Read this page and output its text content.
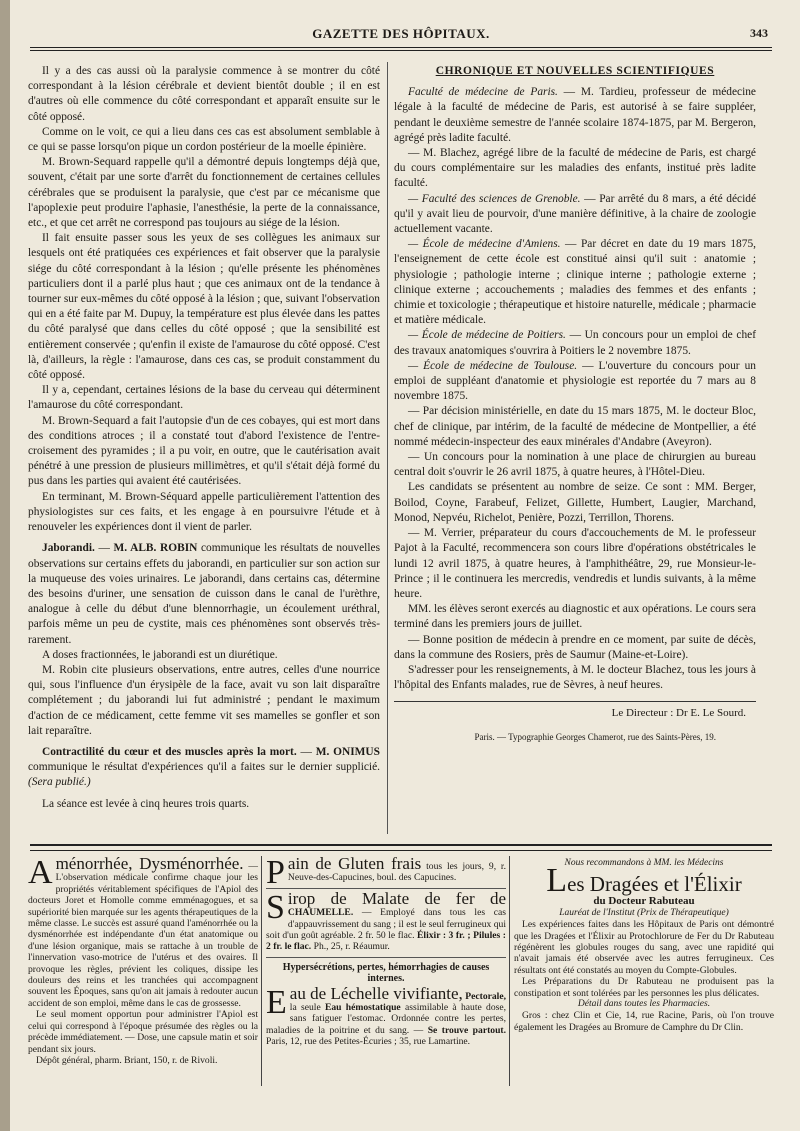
GAZETTE DES HÔPITAUX.	343

Il y a des cas aussi où la paralysie commence à se montrer du côté correspondant à la lésion cérébrale et devient bientôt double ; il en est d'autres où elle commence du côté correspondant et apparaît ensuite sur le côté opposé.

Comme on le voit, ce qui a lieu dans ces cas est absolument semblable à ce qui se passe lorsqu'on pique un cordon postérieur de la moelle épinière.

M. Brown-Sequard rappelle qu'il a démontré depuis longtemps déjà que, souvent, c'était par une sorte d'arrêt du fonctionnement de certaines cellules cérébrales que se produisent la paralysie, que c'est par ce mécanisme que l'apoplexie peut produire l'aphasie, l'anesthésie, la perte de la connaissance, etc., et que cet arrêt ne correspond pas toujours au siége de la lésion.

Il fait ensuite passer sous les yeux de ses collègues les animaux sur lesquels ont été pratiquées ces expériences et fait observer que la paralysie siége du côté correspondant à la lésion ; qu'elle présente les phénomènes particuliers dont il a parlé plus haut ; que ces animaux ont de la tendance à tourner sur eux-mêmes du côté opposé à la lésion ; que, suivant l'observation qui en a été faite par M. Dupuy, la température est plus élevée dans les pattes du côté paralysé que dans celles du côté opposé ; que la sensibilité est entièrement conservée ; qu'enfin il existe de l'amaurose du côté opposé. C'est là, d'ailleurs, la règle : l'amaurose, dans ces cas, se produit constamment du côté opposé.

Il y a, cependant, certaines lésions de la base du cerveau qui déterminent l'amaurose du côté correspondant.

M. Brown-Sequard a fait l'autopsie d'un de ces cobayes, qui est mort dans des conditions atroces ; il a constaté tout d'abord l'existence de l'entre-croisement des pyramides ; il a pu voir, en outre, que le cautérisation avait pénétré à une pression de plusieurs millimètres, et qu'il s'était déjà formé du pus dans les parties qui avaient été cautérisées.

En terminant, M. Brown-Séquard appelle particulièrement l'attention des physiologistes sur ces faits, et les engage à en poursuivre l'étude et à renouveler les expériences dont il vient de parler.

Jaborandi. — M. ALB. ROBIN communique les résultats de nouvelles observations sur certains effets du jaborandi, en particulier sur son action sur la muqueuse des voies urinaires. Le jaborandi, dans certains cas, détermine des besoins d'uriner, une sensation de cuisson dans le canal de l'urèthre, analogue à celle du début d'une blennorrhagie, un écoulement uréthral, parfois même un peu de cystite, mais ces phénomènes sont observés très-rarement.

A doses fractionnées, le jaborandi est un diurétique.

M. Robin cite plusieurs observations, entre autres, celles d'une nourrice qui, sous l'influence d'un érysipèle de la face, avait vu son lait disparaître complétement ; du jaborandi lui fut administré ; pendant le maximum d'action de ce médicament, cette femme vit ses mamelles se gonfler et son lait reparaître.

Contractilité du cœur et des muscles après la mort. — M. ONIMUS communique le résultat d'expériences qu'il a faites sur le dernier supplicié. (Sera publié.)

La séance est levée à cinq heures trois quarts.

CHRONIQUE ET NOUVELLES SCIENTIFIQUES

Faculté de médecine de Paris. — M. Tardieu, professeur de médecine légale à la faculté de médecine de Paris, est autorisé à se faire suppléer, pendant le deuxième semestre de l'année scolaire 1874-1875, par M. Bergeron, agrégé près ladite faculté.

— M. Blachez, agrégé libre de la faculté de médecine de Paris, est chargé du cours complémentaire sur les maladies des enfants, institué près ladite faculté.

— Faculté des sciences de Grenoble. — Par arrêté du 8 mars, a été décidé qu'il y avait lieu de pourvoir, d'une manière définitive, à la chaire de zoologie actuellement vacante.

— École de médecine d'Amiens. — Par décret en date du 19 mars 1875, l'enseignement de cette école est constitué ainsi qu'il suit : anatomie ; physiologie ; pathologie interne ; clinique interne ; pathologie externe ; clinique externe ; accouchements ; maladies des femmes et des enfants ; chimie et toxicologie ; thérapeutique et histoire naturelle, médicale ; pharmacie et matière médicale.

— École de médecine de Poitiers. — Un concours pour un emploi de chef des travaux anatomiques s'ouvrira à Poitiers le 2 novembre 1875.

— École de médecine de Toulouse. — L'ouverture du concours pour un emploi de suppléant d'anatomie et physiologie est reportée du 7 mars au 8 novembre 1875.

— Par décision ministérielle, en date du 15 mars 1875, M. le docteur Bloc, chef de clinique, par intérim, de la faculté de médecine de Montpellier, a été nommé médecin-inspecteur des eaux minérales d'Andabre (Aveyron).

— Un concours pour la nomination à une place de chirurgien au bureau central doit s'ouvrir le 26 avril 1875, à quatre heures, à l'Hôtel-Dieu.

Les candidats se présentent au nombre de seize. Ce sont : MM. Berger, Boilod, Coyne, Farabeuf, Felizet, Gillette, Humbert, Laugier, Marchand, Monod, Nepvéu, Richelot, Penière, Pozzi, Terrillon, Thorens.

— M. Verrier, préparateur du cours d'accouchements de M. le professeur Pajot à la Faculté, recommencera son cours libre d'opérations obstétricales le lundi 12 avril 1875, à quatre heures, à l'amphithéâtre, 29, rue Monsieur-le-Prince ; il le continuera les mercredis, vendredis et lundis suivants, à la même heure.

MM. les élèves seront exercés au diagnostic et aux opérations. Le cours sera terminé dans les premiers jours de juillet.

— Bonne position de médecin à prendre en ce moment, par suite de décès, dans la commune des Rosiers, près de Saumur (Maine-et-Loire).

S'adresser pour les renseignements, à M. le docteur Blachez, tous les jours à l'hôpital des Enfants malades, rue de Sèvres, à neuf heures.

Le Directeur : Dr E. Le Sourd.
Paris. — Typographie Georges Chamerot, rue des Saints-Pères, 19.

Aménorrhée, Dysménorrhée. — L'observation médicale confirme chaque jour les propriétés véritablement spécifiques de l'Apiol des docteurs Joret et Homolle comme emménagogues, et sa supériorité bien marquée sur les agents thérapeutiques de la même classe. Le succès est assuré quand l'aménorrhée ou la dysménorrhée est indépendante d'un état anatomique ou d'une lésion organique, mais se rattache à un trouble de l'innervation vaso-motrice de l'utérus et des ovaires. Il provoque les règles, prévient les coliques, dissipe les douleurs des reins et les tranchées qui accompagnent souvent les Époques, sans qu'on ait jamais à redouter aucun accident de son emploi, même dans le cas de grossesse.

Le seul moment opportun pour administrer l'Apiol est celui qui correspond à l'époque présumée des règles ou la précède immédiatement. — Dose, une capsule matin et soir pendant six jours.

Dépôt général, pharm. Briant, 150, r. de Rivoli.

Pain de Gluten frais tous les jours, 9, r. Neuve-des-Capucines, boul. des Capucines.

Sirop de Malate de fer de CHAUMELLE. — Employé dans tous les cas d'appauvrissement du sang ; il est le seul ferrugineux qui soit d'un goût agréable. 2 fr. 50 le flac. Élixir : 3 fr. ; Pilules : 2 fr. le flac. Ph., 25, r. Réaumur.

Hypersécrétions, pertes, hémorrhagies de causes internes.

Eau de Léchelle vivifiante, Pectorale, la seule Eau hémostatique assimilable à haute dose, sans fatiguer l'estomac. Ordonnée contre les pertes, maladies de la poitrine et du sang. — Se trouve partout. Paris, 12, rue des Petites-Écuries ; 35, rue Lamartine.

Nous recommandons à MM. les Médecins
Les Dragées et l'Élixir
du Docteur Rabuteau
Lauréat de l'Institut (Prix de Thérapeutique)

Les expériences faites dans les Hôpitaux de Paris ont démontré que les Dragées et l'Élixir au Protochlorure de Fer du Dr Rabuteau régénèrent les globules rouges du sang, avec une rapidité qui n'avait jamais été observée avec les autres ferrugineux. Ces résultats ont été constatés au moyen du Compte-Globules.

Les Préparations du Dr Rabuteau ne produisent pas la constipation et sont tolérées par les personnes les plus délicates.

Détail dans toutes les Pharmacies.

Gros : chez Clin et Cie, 14, rue Racine, Paris, où l'on trouve également les Dragées au Bromure de Camphre du Dr Clin.
